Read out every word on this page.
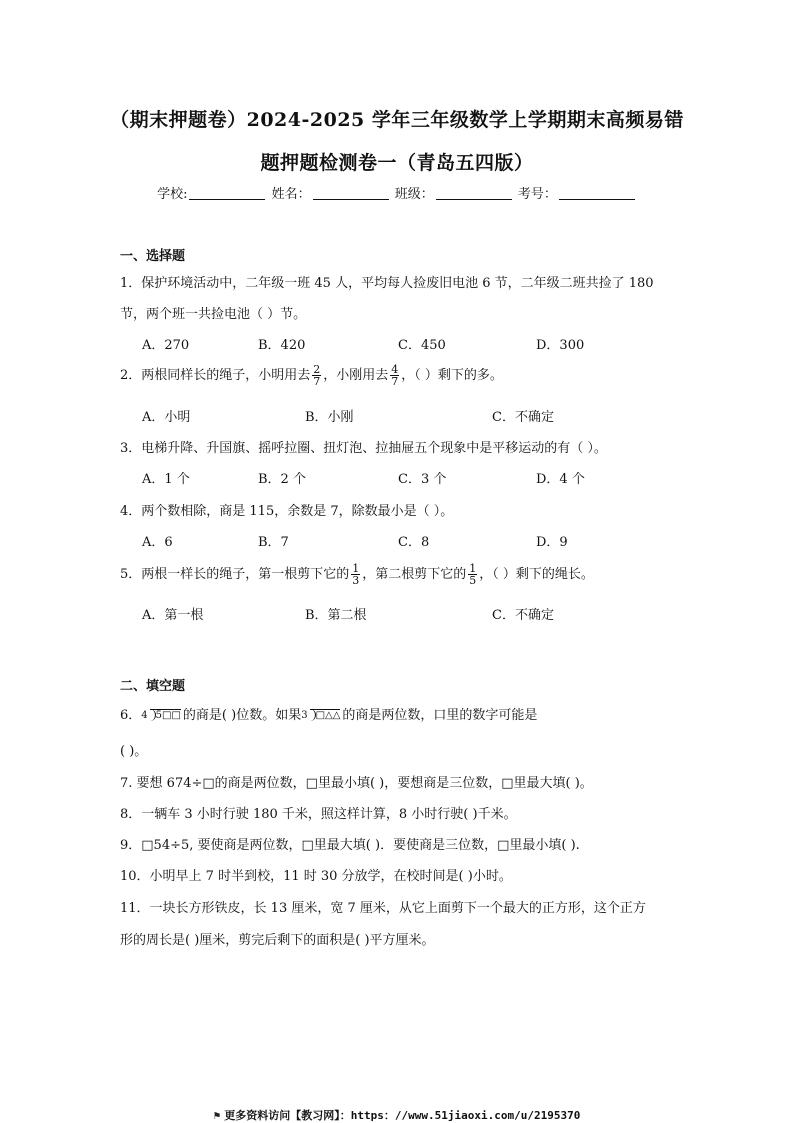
（期末押题卷）2024-2025 学年三年级数学上学期期末高频易错
题押题检测卷一（青岛五四版）
学校:	姓名：	班级：	考号：
一、选择题
1．保护环境活动中，二年级一班 45 人，平均每人捡废旧电池 6 节，二年级二班共捡了 180
节，两个班一共捡电池（ ）节。
A．270	B．420	C．450	D．300
2．两根同样长的绳子，小明用去 $\frac{2}{7}$ ，小刚用去 $\frac{4}{7}$ ，（ ）剩下的多。
A．小明	B．小刚	C．不确定
3．电梯升降、升国旗、摇呼拉圈、扭灯泡、拉抽屉五个现象中是平移运动的有（ ）。
A．1 个	B．2 个	C．3 个	D．4 个
4．两个数相除，商是 115，余数是 7，除数最小是（ ）。
A．6	B．7	C．8	D．9
5．两根一样长的绳子，第一根剪下它的 $\frac{1}{3}$ ，第二根剪下它的 $\frac{1}{5}$ ，（ ）剩下的绳长。
A．第一根	B．第二根	C．不确定
二、填空题
6． 4 5□□ 的商是( )位数。如果 3 □△△ 的商是两位数，口里的数字可能是
( )。
7. 要想 674÷□的商是两位数，□里最小填( )，要想商是三位数，□里最大填( )。
8．一辆车 3 小时行驶 180 千米，照这样计算，8 小时行驶( )千米。
9．□54÷5, 要使商是两位数，□里最大填( )．要使商是三位数，□里最小填( ).
10．小明早上 7 时半到校，11 时 30 分放学，在校时间是( )小时。
11．一块长方形铁皮，长 13 厘米，宽 7 厘米，从它上面剪下一个最大的正方形，这个正方
形的周长是( )厘米，剪完后剩下的面积是( )平方厘米。
⚑ 更多资料访问【教习网】：https：//www.51jiaoxi.com/u/2195370
